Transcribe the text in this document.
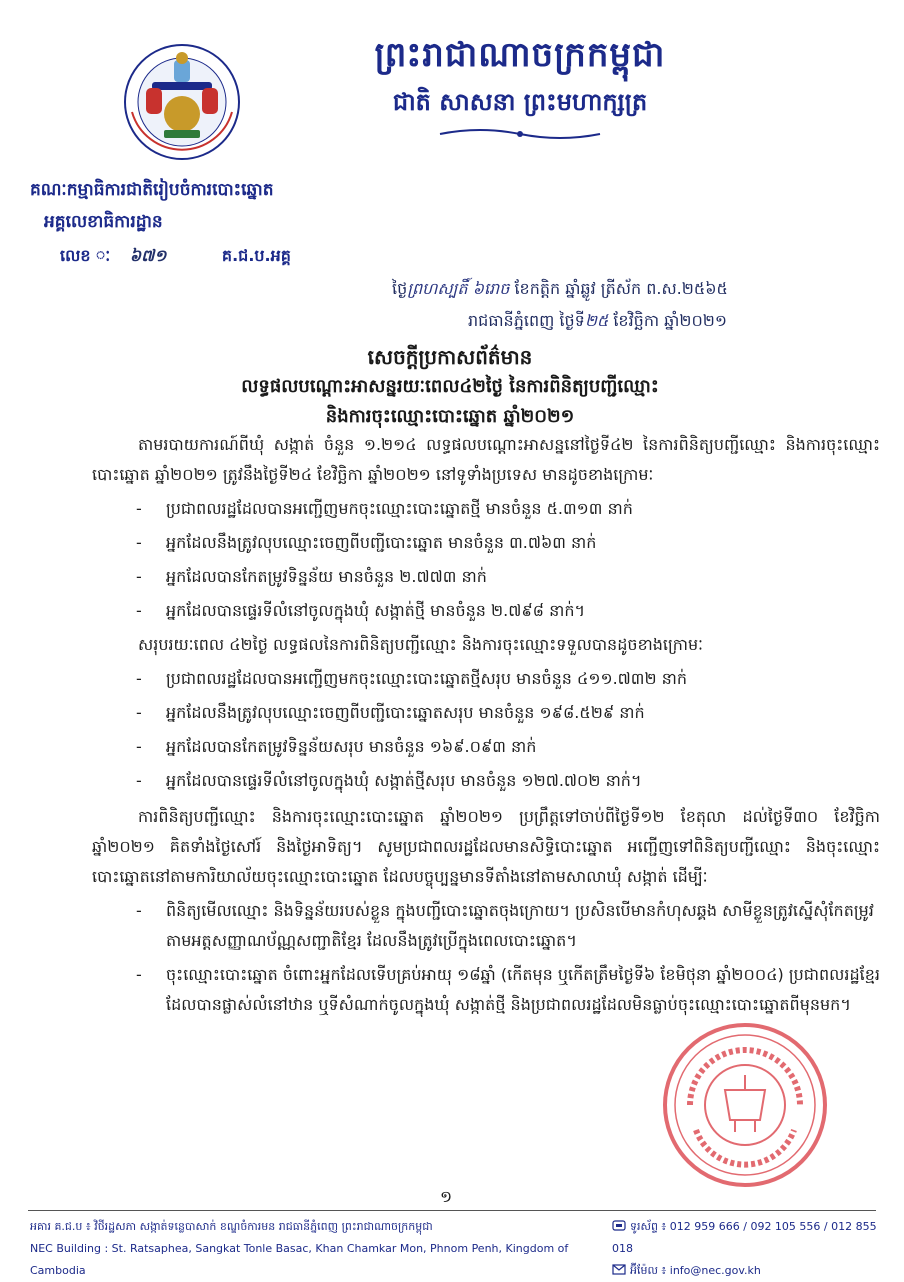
ព្រះរាជាណាចក្រកម្ពុជា
ជាតិ សាសនា ព្រះមហាក្សត្រ
គណៈកម្មាធិការជាតិរៀបចំការបោះឆ្នោត
អគ្គលេខាធិការដ្ឋាន
លេខ ៈ ៦៧១	គ.ជ.ប.អគ្គ
ថ្ងៃព្រហស្បតិ៍ ៦រោច ខែកត្តិក ឆ្នាំឆ្លូវ ត្រីស័ក ព.ស.២៥៦៥
រាជធានីភ្នំពេញ ថ្ងៃទី២៥ ខែវិច្ឆិកា ឆ្នាំ២០២១
សេចក្ដីប្រកាសព័ត៌មាន
លទ្ធផលបណ្ដោះអាសន្នរយៈពេល៤២ថ្ងៃ នៃការពិនិត្យបញ្ជីឈ្មោះ
និងការចុះឈ្មោះបោះឆ្នោត ឆ្នាំ២០២១

តាមរបាយការណ៍ពីឃុំ សង្កាត់ ចំនួន ១.២១៤ លទ្ធផលបណ្ដោះអាសន្ននៅថ្ងៃទី៤២ នៃការពិនិត្យបញ្ជីឈ្មោះ និងការចុះឈ្មោះបោះឆ្នោត ឆ្នាំ២០២១ ត្រូវនឹងថ្ងៃទី២៤ ខែវិច្ឆិកា ឆ្នាំ២០២១ នៅទូទាំងប្រទេស មានដូចខាងក្រោមៈ

- ប្រជាពលរដ្ឋដែលបានអញ្ជើញមកចុះឈ្មោះបោះឆ្នោតថ្មី មានចំនួន ៥.៣១៣ នាក់
- អ្នកដែលនឹងត្រូវលុបឈ្មោះចេញពីបញ្ជីបោះឆ្នោត មានចំនួន ៣.៧៦៣ នាក់
- អ្នកដែលបានកែតម្រូវទិន្នន័យ មានចំនួន ២.៧៧៣ នាក់
- អ្នកដែលបានផ្ទេរទីលំនៅចូលក្នុងឃុំ សង្កាត់ថ្មី មានចំនួន ២.៧៩៨ នាក់។

សរុបរយៈពេល ៤២ថ្ងៃ លទ្ធផលនៃការពិនិត្យបញ្ជីឈ្មោះ និងការចុះឈ្មោះទទួលបានដូចខាងក្រោមៈ

- ប្រជាពលរដ្ឋដែលបានអញ្ជើញមកចុះឈ្មោះបោះឆ្នោតថ្មីសរុប មានចំនួន ៤១១.៧៣២ នាក់
- អ្នកដែលនឹងត្រូវលុបឈ្មោះចេញពីបញ្ជីបោះឆ្នោតសរុប មានចំនួន ១៩៨.៥២៩ នាក់
- អ្នកដែលបានកែតម្រូវទិន្នន័យសរុប មានចំនួន ១៦៩.០៩៣ នាក់
- អ្នកដែលបានផ្ទេរទីលំនៅចូលក្នុងឃុំ សង្កាត់ថ្មីសរុប មានចំនួន ១២៧.៧០២ នាក់។

ការពិនិត្យបញ្ជីឈ្មោះ និងការចុះឈ្មោះបោះឆ្នោត ឆ្នាំ២០២១ ប្រព្រឹត្តទៅចាប់ពីថ្ងៃទី១២ ខែតុលា ដល់ថ្ងៃទី៣០ ខែវិច្ឆិកា ឆ្នាំ២០២១ គិតទាំងថ្ងៃសៅរ៍ និងថ្ងៃអាទិត្យ។ សូមប្រជាពលរដ្ឋដែលមានសិទ្ធិបោះឆ្នោត អញ្ជើញទៅពិនិត្យបញ្ជីឈ្មោះ និងចុះឈ្មោះបោះឆ្នោតនៅតាមការិយាល័យចុះឈ្មោះបោះឆ្នោត ដែលបច្ចុប្បន្នមានទីតាំងនៅតាមសាលាឃុំ សង្កាត់ ដើម្បីៈ

- ពិនិត្យមើលឈ្មោះ និងទិន្នន័យរបស់ខ្លួន ក្នុងបញ្ជីបោះឆ្នោតចុងក្រោយ។ ប្រសិនបើមានកំហុសឆ្គង សាមីខ្លួនត្រូវស្នើសុំកែតម្រូវតាមអត្តសញ្ញាណប័ណ្ណសញ្ជាតិខ្មែរ ដែលនឹងត្រូវប្រើក្នុងពេលបោះឆ្នោត។
- ចុះឈ្មោះបោះឆ្នោត ចំពោះអ្នកដែលទើបគ្រប់អាយុ ១៨ឆ្នាំ (កើតមុន ឬកើតត្រឹមថ្ងៃទី៦ ខែមិថុនា ឆ្នាំ២០០៤) ប្រជាពលរដ្ឋខ្មែរដែលបានផ្លាស់លំនៅឋាន ឬទីសំណាក់ចូលក្នុងឃុំ សង្កាត់ថ្មី និងប្រជាពលរដ្ឋដែលមិនធ្លាប់ចុះឈ្មោះបោះឆ្នោតពីមុនមក។
១
អគារ គ.ជ.ប ៖ វិថីរដ្ឋសភា សង្កាត់ទន្លេបាសាក់ ខណ្ឌចំការមន រាជធានីភ្នំពេញ ព្រះរាជាណាចក្រកម្ពុជា
NEC Building : St. Ratsaphea, Sangkat Tonle Basac, Khan Chamkar Mon, Phnom Penh, Kingdom of Cambodia
ទូរស័ព្ទ ៖ 012 959 666 / 092 105 556 / 012 855 018
អ៊ីម៉ែល ៖ info@nec.gov.kh
